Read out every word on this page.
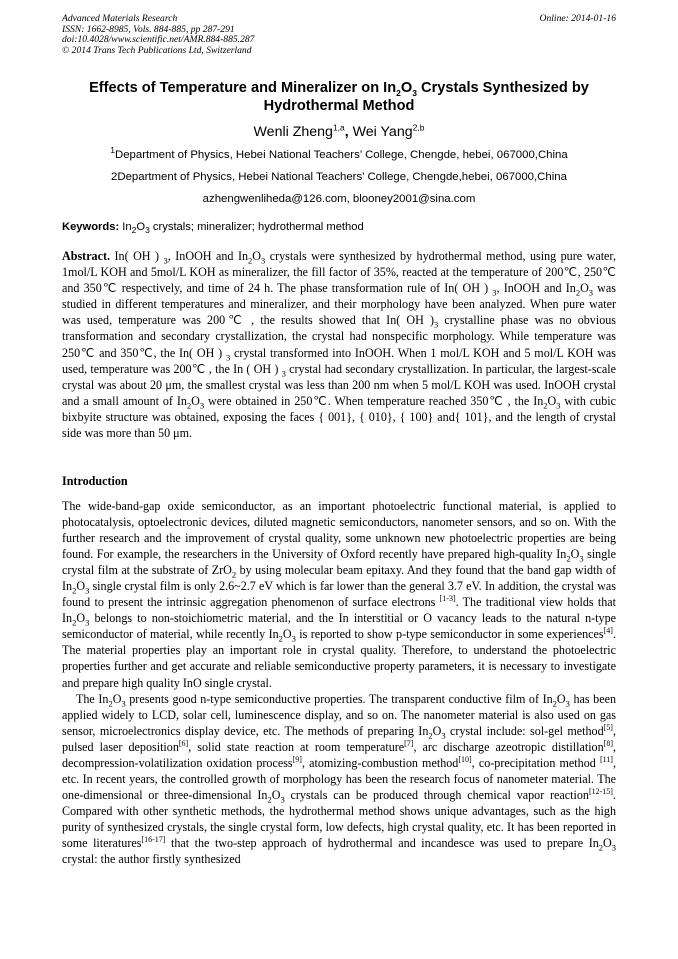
Advanced Materials Research
ISSN: 1662-8985, Vols. 884-885, pp 287-291
doi:10.4028/www.scientific.net/AMR.884-885.287
© 2014 Trans Tech Publications Ltd, Switzerland
Online: 2014-01-16
Effects of Temperature and Mineralizer on $In_2O_3$ Crystals Synthesized by Hydrothermal Method
Wenli Zheng$^{1,a}$, Wei Yang$^{2,b}$
$^1$Department of Physics, Hebei National Teachers’ College, Chengde, hebei, 067000,China
2Department of Physics, Hebei National Teachers’ College, Chengde,hebei, 067000,China
azhengwenliheda@126.com, blooney2001@sina.com
Keywords: $In_2O_3$ crystals; mineralizer; hydrothermal method
Abstract. In( OH ) $_3$, InOOH and $In_2O_3$ crystals were synthesized by hydrothermal method, using pure water, 1mol/L KOH and 5mol/L KOH as mineralizer, the fill factor of 35%, reacted at the temperature of 200℃, 250℃ and 350℃ respectively, and time of 24 h. The phase transformation rule of In( OH ) $_3$, InOOH and $In_2O_3$ was studied in different temperatures and mineralizer, and their morphology have been analyzed. When pure water was used, temperature was 200℃ , the results showed that In( OH )$_3$ crystalline phase was no obvious transformation and secondary crystallization, the crystal had nonspecific morphology. While temperature was 250℃ and 350℃, the In( OH ) $_3$ crystal transformed into InOOH. When 1 mol/L KOH and 5 mol/L KOH was used, temperature was 200℃ , the In ( OH ) $_3$ crystal had secondary crystallization. In particular, the largest-scale crystal was about 20 μm, the smallest crystal was less than 200 nm when 5 mol/L KOH was used. InOOH crystal and a small amount of $In_2O_3$ were obtained in 250℃. When temperature reached 350℃ , the $In_2O_3$ with cubic bixbyite structure was obtained, exposing the faces { 001}, { 010}, { 100} and{ 101}, and the length of crystal side was more than 50 μm.
Introduction

The wide-band-gap oxide semiconductor, as an important photoelectric functional material, is applied to photocatalysis, optoelectronic devices, diluted magnetic semiconductors, nanometer sensors, and so on. With the further research and the improvement of crystal quality, some unknown new photoelectric properties are being found. For example, the researchers in the University of Oxford recently have prepared high-quality $In_2O_3$ single crystal film at the substrate of ZrO$_2$ by using molecular beam epitaxy. And they found that the band gap width of $In_2O_3$ single crystal film is only 2.6~2.7 eV which is far lower than the general 3.7 eV. In addition, the crystal was found to present the intrinsic aggregation phenomenon of surface electrons [1-3]. The traditional view holds that $In_2O_3$ belongs to non-stoichiometric material, and the In interstitial or O vacancy leads to the natural n-type semiconductor of material, while recently $In_2O_3$ is reported to show p-type semiconductor in some experiences[4]. The material properties play an important role in crystal quality. Therefore, to understand the photoelectric properties further and get accurate and reliable semiconductive property parameters, it is necessary to investigate and prepare high quality InO single crystal.

The $In_2O_3$ presents good n-type semiconductive properties. The transparent conductive film of $In_2O_3$ has been applied widely to LCD, solar cell, luminescence display, and so on. The nanometer material is also used on gas sensor, microelectronics display device, etc. The methods of preparing $In_2O_3$ crystal include: sol-gel method[5], pulsed laser deposition[6], solid state reaction at room temperature[7], arc discharge azeotropic distillation[8], decompression-volatilization oxidation process[9], atomizing-combustion method[10], co-precipitation method [11], etc. In recent years, the controlled growth of morphology has been the research focus of nanometer material. The one-dimensional or three-dimensional $In_2O_3$ crystals can be produced through chemical vapor reaction[12-15]. Compared with other synthetic methods, the hydrothermal method shows unique advantages, such as the high purity of synthesized crystals, the single crystal form, low defects, high crystal quality, etc. It has been reported in some literatures[16-17] that the two-step approach of hydrothermal and incandesce was used to prepare $In_2O_3$ crystal: the author firstly synthesized
